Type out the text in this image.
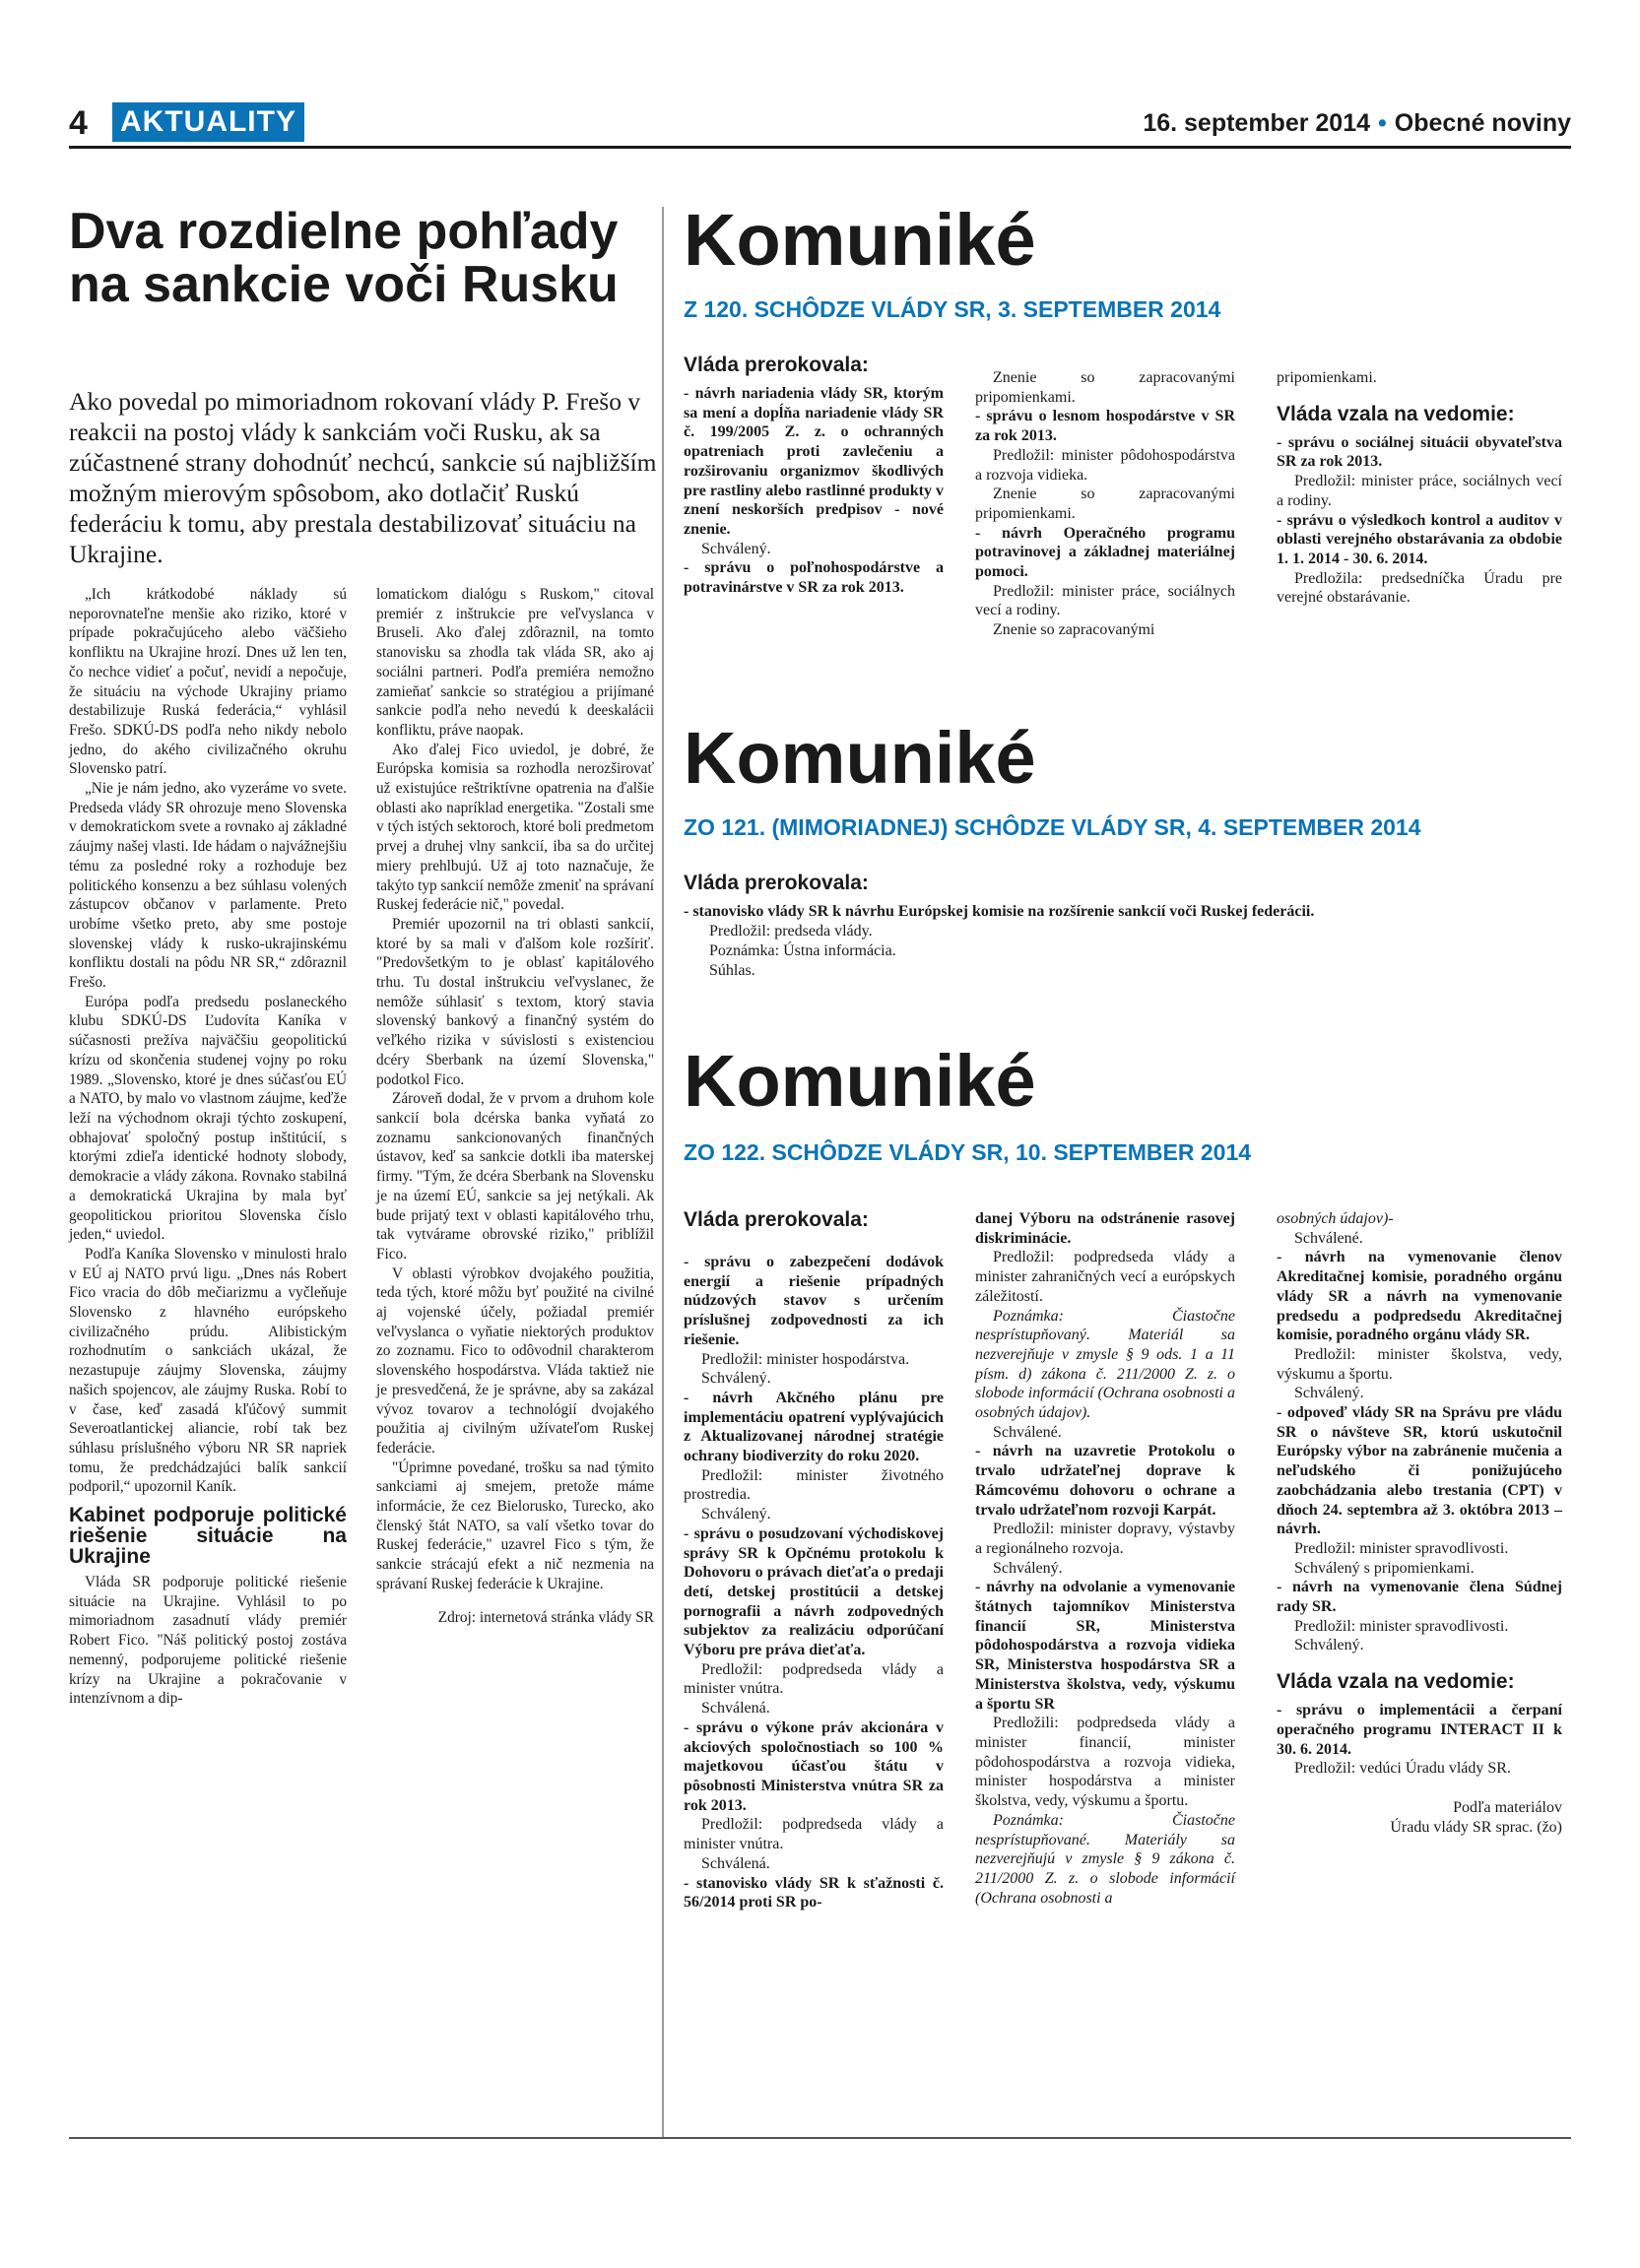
4 AKTUALITY	16. september 2014 • Obecné noviny
Dva rozdielne pohľady na sankcie voči Rusku

Ako povedal po mimoriadnom rokovaní vlády P. Frešo v reakcii na postoj vlády k sankciám voči Rusku, ak sa zúčastnené strany dohodnúť nechcú, sankcie sú najbližším možným mierovým spôsobom, ako dotlačiť Ruskú federáciu k tomu, aby prestala destabilizovať situáciu na Ukrajine.

„Ich krátkodobé náklady sú neporovnateľne menšie ako riziko, ktoré v prípade pokračujúceho alebo väčšieho konfliktu na Ukrajine hrozí. Dnes už len ten, čo nechce vidieť a počuť, nevidí a nepočuje, že situáciu na východe Ukrajiny priamo destabilizuje Ruská federácia,“ vyhlásil Frešo. SDKÚ-DS podľa neho nikdy nebolo jedno, do akého civilizačného okruhu Slovensko patrí.

„Nie je nám jedno, ako vyzeráme vo svete. Predseda vlády SR ohrozuje meno Slovenska v demokratickom svete a rovnako aj základné záujmy našej vlasti. Ide hádam o najvážnejšiu tému za posledné roky a rozhoduje bez politického konsenzu a bez súhlasu volených zástupcov občanov v parlamente. Preto urobíme všetko preto, aby sme postoje slovenskej vlády k rusko-ukrajinskému konfliktu dostali na pôdu NR SR,“ zdôraznil Frešo.

Európa podľa predsedu poslaneckého klubu SDKÚ-DS Ľudovíta Kaníka v súčasnosti prežíva najväčšiu geopolitickú krízu od skončenia studenej vojny po roku 1989. „Slovensko, ktoré je dnes súčasťou EÚ a NATO, by malo vo vlastnom záujme, keďže leží na východnom okraji týchto zoskupení, obhajovať spoločný postup inštitúcií, s ktorými zdieľa identické hodnoty slobody, demokracie a vlády zákona. Rovnako stabilná a demokratická Ukrajina by mala byť geopolitickou prioritou Slovenska číslo jeden,“ uviedol.

Podľa Kaníka Slovensko v minulosti hralo v EÚ aj NATO prvú ligu. „Dnes nás Robert Fico vracia do dôb mečiarizmu a vyčleňuje Slovensko z hlavného európskeho civilizačného prúdu. Alibistickým rozhodnutím o sankciách ukázal, že nezastupuje záujmy Slovenska, záujmy našich spojencov, ale záujmy Ruska. Robí to v čase, keď zasadá kľúčový summit Severoatlantickej aliancie, robí tak bez súhlasu príslušného výboru NR SR napriek tomu, že predchádzajúci balík sankcií podporil,“ upozornil Kaník.

Kabinet podporuje politické riešenie situácie na Ukrajine

Vláda SR podporuje politické riešenie situácie na Ukrajine. Vyhlásil to po mimoriadnom zasadnutí vlády premiér Robert Fico. "Náš politický postoj zostáva nemenný, podporujeme politické riešenie krízy na Ukrajine a pokračovanie v intenzívnom a dip-

lomatickom dialógu s Ruskom," citoval premiér z inštrukcie pre veľvyslanca v Bruseli. Ako ďalej zdôraznil, na tomto stanovisku sa zhodla tak vláda SR, ako aj sociálni partneri. Podľa premiéra nemožno zamieňať sankcie so stratégiou a prijímané sankcie podľa neho nevedú k deeskalácii konfliktu, práve naopak.

Ako ďalej Fico uviedol, je dobré, že Európska komisia sa rozhodla nerozširovať už existujúce reštriktívne opatrenia na ďalšie oblasti ako napríklad energetika. "Zostali sme v tých istých sektoroch, ktoré boli predmetom prvej a druhej vlny sankcií, iba sa do určitej miery prehlbujú. Už aj toto naznačuje, že takýto typ sankcií nemôže zmeniť na správaní Ruskej federácie nič," povedal.

Premiér upozornil na tri oblasti sankcií, ktoré by sa mali v ďalšom kole rozšíriť. "Predovšetkým to je oblasť kapitálového trhu. Tu dostal inštrukciu veľvyslanec, že nemôže súhlasiť s textom, ktorý stavia slovenský bankový a finančný systém do veľkého rizika v súvislosti s existenciou dcéry Sberbank na území Slovenska," podotkol Fico.

Zároveň dodal, že v prvom a druhom kole sankcií bola dcérska banka vyňatá zo zoznamu sankcionovaných finančných ústavov, keď sa sankcie dotkli iba materskej firmy. "Tým, že dcéra Sberbank na Slovensku je na území EÚ, sankcie sa jej netýkali. Ak bude prijatý text v oblasti kapitálového trhu, tak vytvárame obrovské riziko," priblížil Fico.

V oblasti výrobkov dvojakého použitia, teda tých, ktoré môžu byť použité na civilné aj vojenské účely, požiadal premiér veľvyslanca o vyňatie niektorých produktov zo zoznamu. Fico to odôvodnil charakterom slovenského hospodárstva. Vláda taktiež nie je presvedčená, že je správne, aby sa zakázal vývoz tovarov a technológií dvojakého použitia aj civilným užívateľom Ruskej federácie.

"Úprimne povedané, trošku sa nad týmito sankciami aj smejem, pretože máme informácie, že cez Bielorusko, Turecko, ako členský štát NATO, sa valí všetko tovar do Ruskej federácie," uzavrel Fico s tým, že sankcie strácajú efekt a nič nezmenia na správaní Ruskej federácie k Ukrajine.

Zdroj: internetová stránka vlády SR

Komuniké
Z 120. SCHÔDZE VLÁDY SR, 3. SEPTEMBER 2014

Vláda prerokovala:

- návrh nariadenia vlády SR, ktorým sa mení a dopĺňa nariadenie vlády SR č. 199/2005 Z. z. o ochranných opatreniach proti zavlečeniu a rozširovaniu organizmov škodlivých pre rastliny alebo rastlinné produkty v znení neskorších predpisov - nové znenie.

Schválený.

- správu o poľnohospodárstve a potravinárstve v SR za rok 2013.

Znenie so zapracovanými pripomienkami.

- správu o lesnom hospodárstve v SR za rok 2013.

Predložil: minister pôdohospodárstva a rozvoja vidieka.

Znenie so zapracovanými pripomienkami.

- návrh Operačného programu potravinovej a základnej materiálnej pomoci.

Predložil: minister práce, sociálnych vecí a rodiny.

Znenie so zapracovanými

pripomienkami.

Vláda vzala na vedomie:

- správu o sociálnej situácii obyvateľstva SR za rok 2013.

Predložil: minister práce, sociálnych vecí a rodiny.

- správu o výsledkoch kontrol a auditov v oblasti verejného obstarávania za obdobie 1. 1. 2014 - 30. 6. 2014.

Predložila: predsedníčka Úradu pre verejné obstarávanie.

Komuniké
ZO 121. (MIMORIADNEJ) SCHÔDZE VLÁDY SR, 4. SEPTEMBER 2014

Vláda prerokovala:

- stanovisko vlády SR k návrhu Európskej komisie na rozšírenie sankcií voči Ruskej federácii.

Predložil: predseda vlády.

Poznámka: Ústna informácia.

Súhlas.

Komuniké
ZO 122. SCHÔDZE VLÁDY SR, 10. SEPTEMBER 2014

Vláda prerokovala:

- správu o zabezpečení dodávok energií a riešenie prípadných núdzových stavov s určením príslušnej zodpovednosti za ich riešenie.

Predložil: minister hospodárstva.

Schválený.

- návrh Akčného plánu pre implementáciu opatrení vyplývajúcich z Aktualizovanej národnej stratégie ochrany biodiverzity do roku 2020.

Predložil: minister životného prostredia.

Schválený.

- správu o posudzovaní východiskovej správy SR k Opčnému protokolu k Dohovoru o právach dieťaťa o predaji detí, detskej prostitúcii a detskej pornografii a návrh zodpovedných subjektov za realizáciu odporúčaní Výboru pre práva dieťaťa.

Predložil: podpredseda vlády a minister vnútra.

Schválená.

- správu o výkone práv akcionára v akciových spoločnostiach so 100 % majetkovou účasťou štátu v pôsobnosti Ministerstva vnútra SR za rok 2013.

Predložil: podpredseda vlády a minister vnútra.

Schválená.

- stanovisko vlády SR k sťažnosti č. 56/2014 proti SR po-

danej Výboru na odstránenie rasovej diskriminácie.

Predložil: podpredseda vlády a minister zahraničných vecí a európskych záležitostí.

Poznámka: Čiastočne nesprístupňovaný. Materiál sa nezverejňuje v zmysle § 9 ods. 1 a 11 písm. d) zákona č. 211/2000 Z. z. o slobode informácií (Ochrana osobnosti a osobných údajov).

Schválené.

- návrh na uzavretie Protokolu o trvalo udržateľnej doprave k Rámcovému dohovoru o ochrane a trvalo udržateľnom rozvoji Karpát.

Predložil: minister dopravy, výstavby a regionálneho rozvoja.

Schválený.

- návrhy na odvolanie a vymenovanie štátnych tajomníkov Ministerstva financií SR, Ministerstva pôdohospodárstva a rozvoja vidieka SR, Ministerstva hospodárstva SR a Ministerstva školstva, vedy, výskumu a športu SR

Predložili: podpredseda vlády a minister financií, minister pôdohospodárstva a rozvoja vidieka, minister hospodárstva a minister školstva, vedy, výskumu a športu.

Poznámka: Čiastočne nesprístupňované. Materiály sa nezverejňujú v zmysle § 9 zákona č. 211/2000 Z. z. o slobode informácií (Ochrana osobnosti a

osobných údajov)-

Schválené.

- návrh na vymenovanie členov Akreditačnej komisie, poradného orgánu vlády SR a návrh na vymenovanie predsedu a podpredsedu Akreditačnej komisie, poradného orgánu vlády SR.

Predložil: minister školstva, vedy, výskumu a športu.

Schválený.

- odpoveď vlády SR na Správu pre vládu SR o návšteve SR, ktorú uskutočnil Európsky výbor na zabránenie mučenia a neľudského či ponižujúceho zaobchádzania alebo trestania (CPT) v dňoch 24. septembra až 3. októbra 2013 – návrh.

Predložil: minister spravodlivosti.

Schválený s pripomienkami.

- návrh na vymenovanie člena Súdnej rady SR.

Predložil: minister spravodlivosti.

Schválený.

Vláda vzala na vedomie:

- správu o implementácii a čerpaní operačného programu INTERACT II k 30. 6. 2014.

Predložil: vedúci Úradu vlády SR.

Podľa materiálov

Úradu vlády SR sprac. (žo)
